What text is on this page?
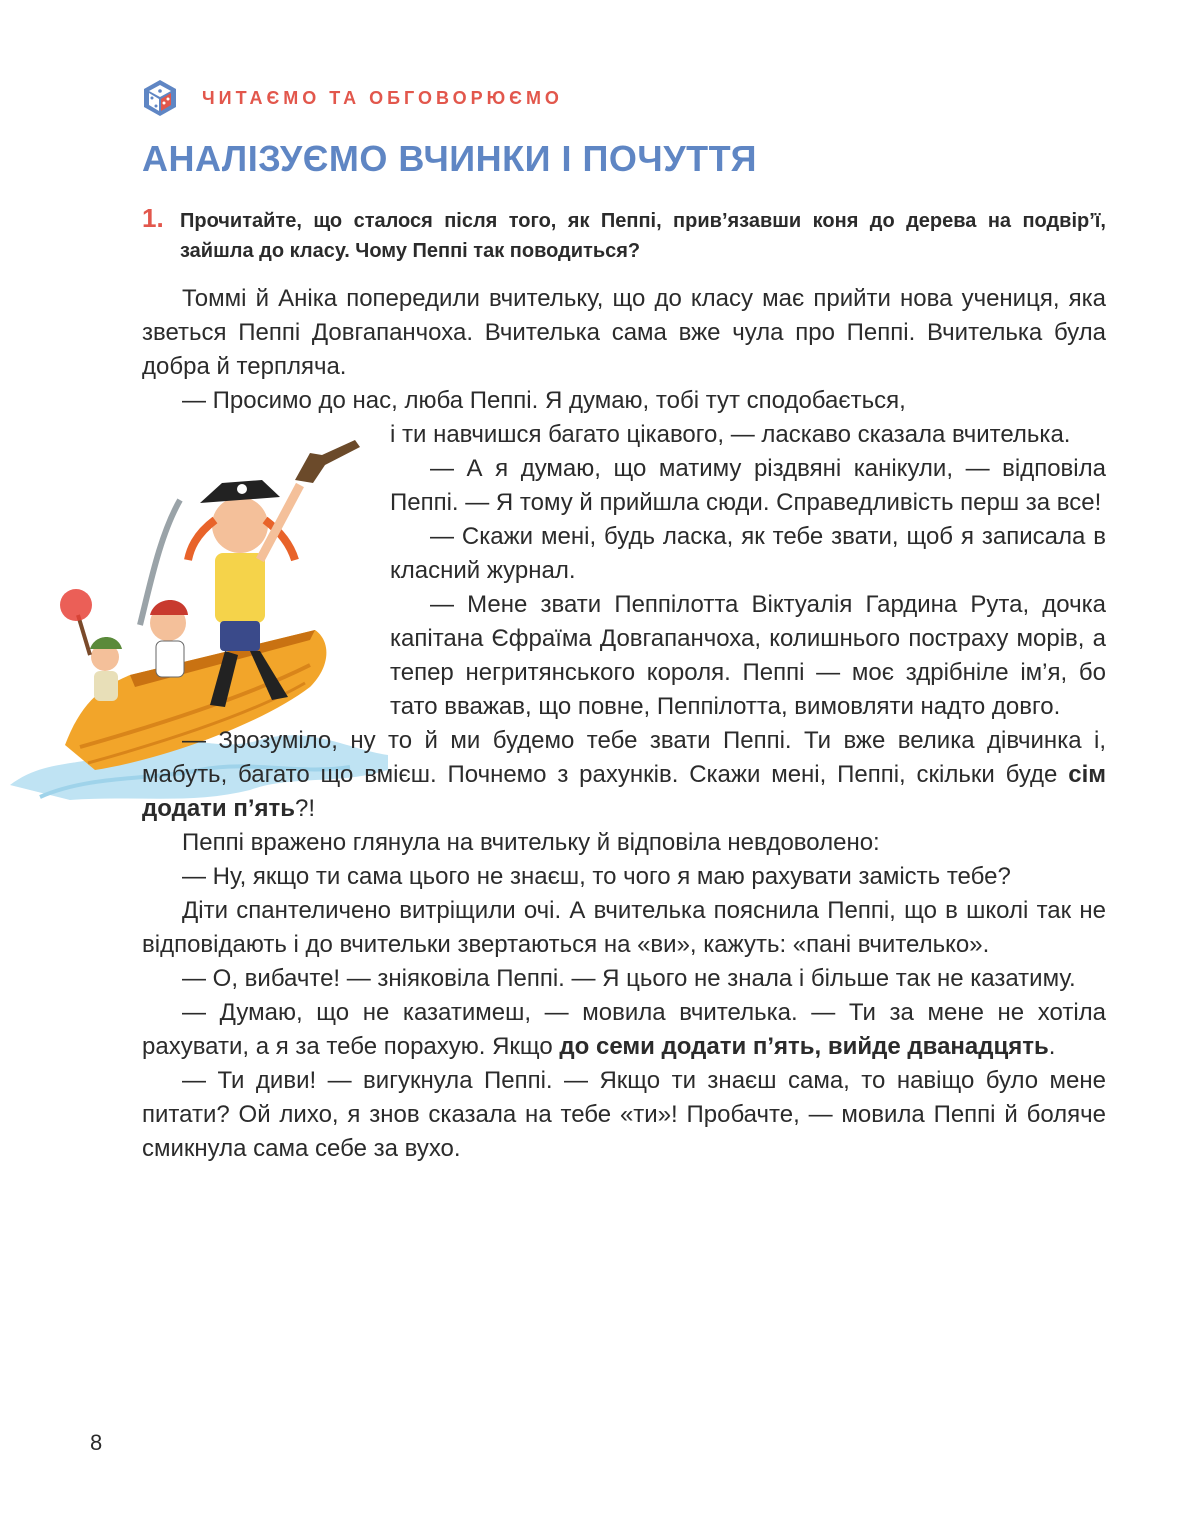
ЧИТАЄМО ТА ОБГОВОРЮЄМО
АНАЛІЗУЄМО ВЧИНКИ І ПОЧУТТЯ
1. Прочитайте, що сталося після того, як Пеппі, прив’язавши коня до дерева на подвір’ї, зайшла до класу. Чому Пеппі так поводиться?

Томмі й Аніка попередили вчительку, що до класу має прийти нова учениця, яка зветься Пеппі Довгапанчоха. Вчителька сама вже чула про Пеппі. Вчителька була добра й терпляча.

— Просимо до нас, люба Пеппі. Я думаю, тобі тут сподобається,

і ти навчишся багато цікавого, — ласкаво сказала вчителька.

— А я думаю, що матиму різдвяні канікули, — відповіла Пеппі. — Я тому й прийшла сюди. Справедливість перш за все!

— Скажи мені, будь ласка, як тебе звати, щоб я записала в класний журнал.

— Мене звати Пеппілотта Віктуалія Гардина Рута, дочка капітана Єфраїма Довгапанчоха, колишнього постраху морів, а тепер негритянського короля. Пеппі — моє здрібніле ім’я, бо тато вважав, що повне, Пеппілотта, вимовляти надто довго.

— Зрозуміло, ну то й ми будемо тебе звати Пеппі. Ти вже велика дівчинка і, мабуть, багато що вмієш. Почнемо з рахунків. Скажи мені, Пеппі, скільки буде сім додати п’ять?!

Пеппі вражено глянула на вчительку й відповіла невдоволено:

— Ну, якщо ти сама цього не знаєш, то чого я маю рахувати замість тебе?

Діти спантеличено витріщили очі. А вчителька пояснила Пеппі, що в школі так не відповідають і до вчительки звертаються на «ви», кажуть: «пані вчителько».

— О, вибачте! — зніяковіла Пеппі. — Я цього не знала і більше так не казатиму.

— Думаю, що не казатимеш, — мовила вчителька. — Ти за мене не хотіла рахувати, а я за тебе порахую. Якщо до семи додати п’ять, вийде дванадцять.

— Ти диви! — вигукнула Пеппі. — Якщо ти знаєш сама, то навіщо було мене питати? Ой лихо, я знов сказала на тебе «ти»! Пробачте, — мовила Пеппі й боляче смикнула сама себе за вухо.

8
